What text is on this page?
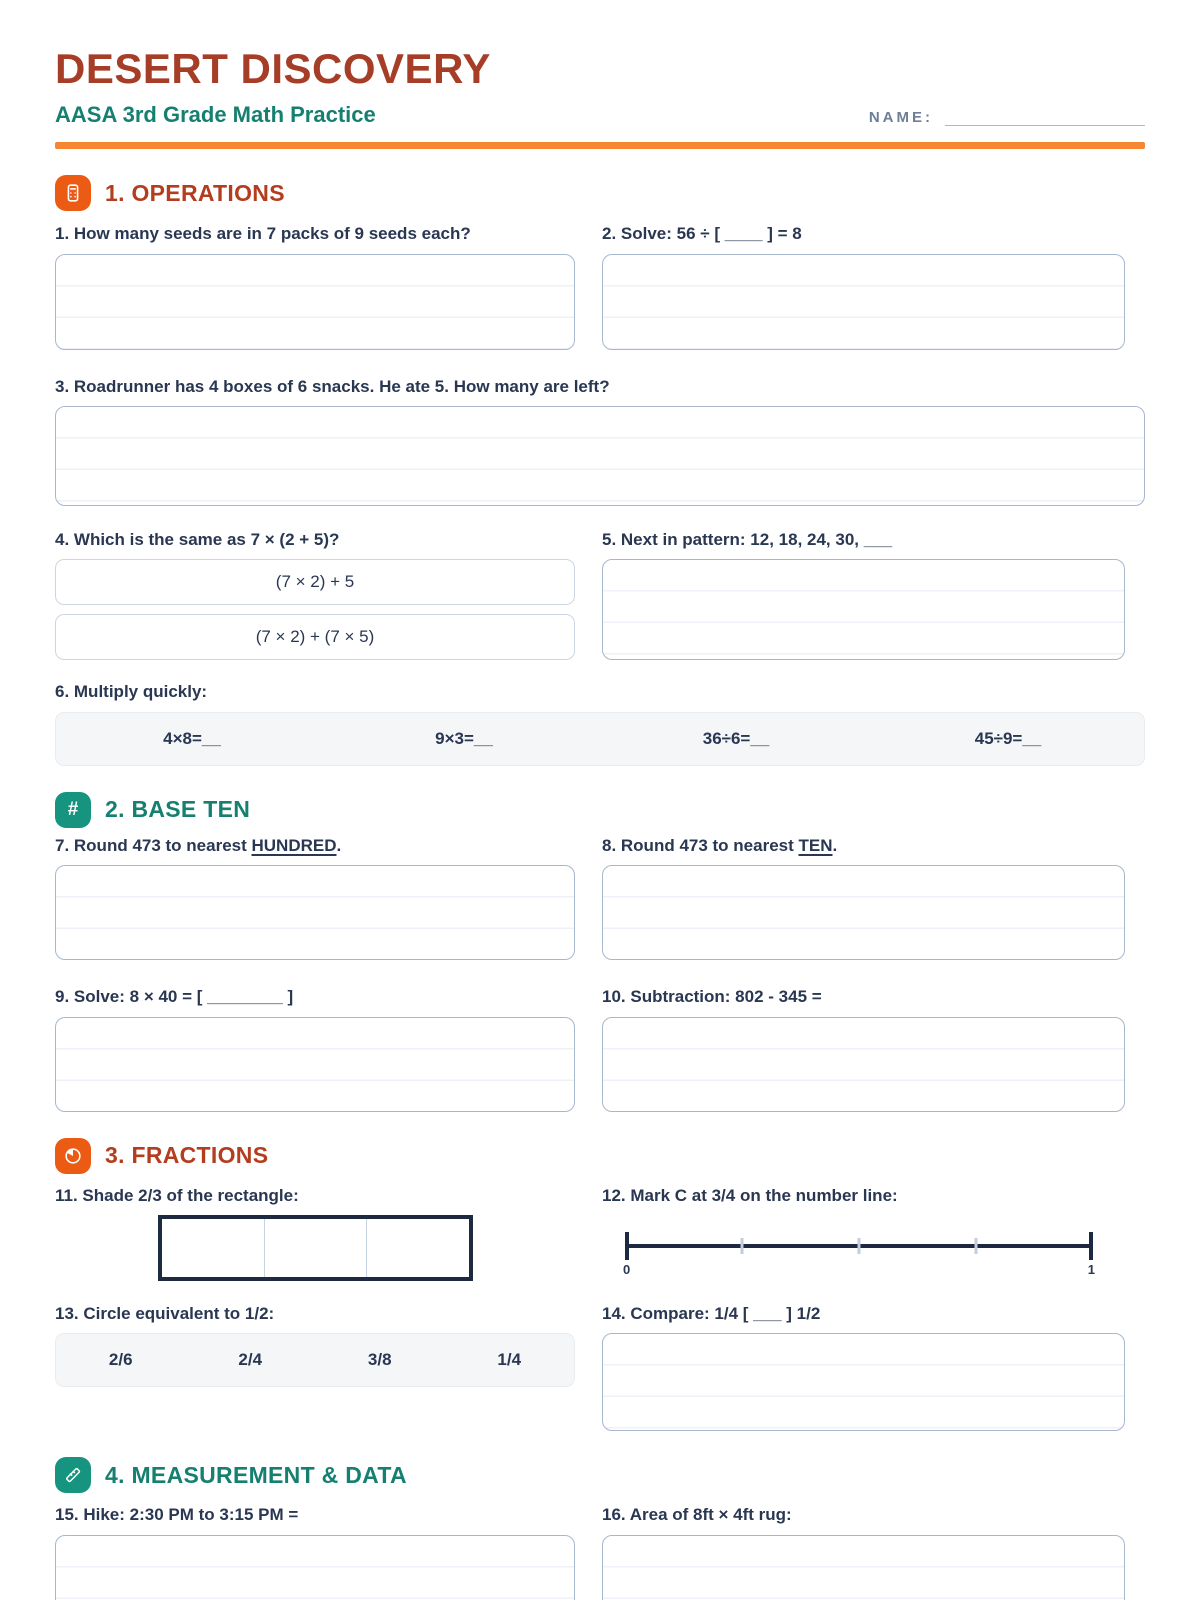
DESERT DISCOVERY
AASA 3rd Grade Math Practice	NAME:
1. OPERATIONS
1. How many seeds are in 7 packs of 9 seeds each?	2. Solve: 56 ÷ [ ____ ] = 8
3. Roadrunner has 4 boxes of 6 snacks. He ate 5. How many are left?
4. Which is the same as 7 × (2 + 5)?
(7 × 2) + 5
(7 × 2) + (7 × 5)
5. Next in pattern: 12, 18, 24, 30, ___
6. Multiply quickly:
4×8=__	9×3=__	36÷6=__	45÷9=__
# 2. BASE TEN
7. Round 473 to nearest HUNDRED.	8. Round 473 to nearest TEN.
9. Solve: 8 × 40 = [ ________ ]	10. Subtraction: 802 - 345 =
3. FRACTIONS
11. Shade 2/3 of the rectangle:	12. Mark C at 3/4 on the number line:
0	1
13. Circle equivalent to 1/2:
2/6	2/4	3/8	1/4
14. Compare: 1/4 [ ___ ] 1/2
4. MEASUREMENT & DATA
15. Hike: 2:30 PM to 3:15 PM =	16. Area of 8ft × 4ft rug:
